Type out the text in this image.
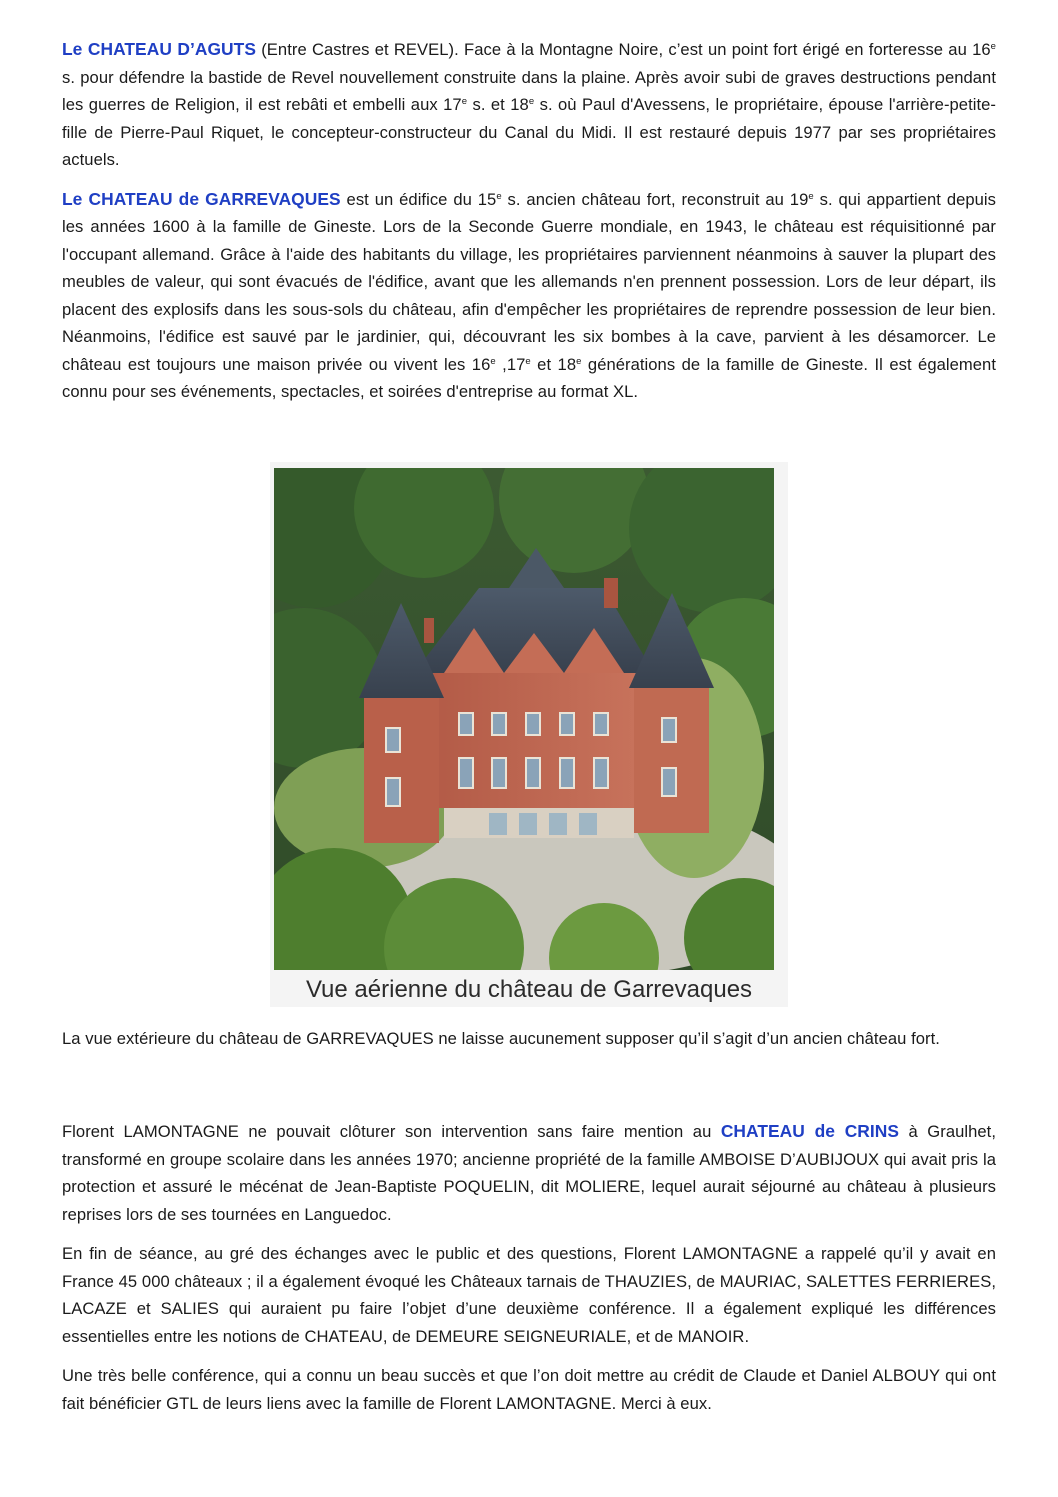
Le CHATEAU D’AGUTS (Entre Castres et REVEL). Face à la Montagne Noire, c’est un point fort érigé en forteresse au 16e s. pour défendre la bastide de Revel nouvellement construite dans la plaine. Après avoir subi de graves destructions pendant les guerres de Religion, il est rebâti et embelli aux 17e s. et 18e s. où Paul d'Avessens, le propriétaire, épouse l'arrière-petite-fille de Pierre-Paul Riquet, le concepteur-constructeur du Canal du Midi. Il est restauré depuis 1977 par ses propriétaires actuels.

Le CHATEAU de GARREVAQUES est un édifice du 15e s. ancien château fort, reconstruit au 19e s. qui appartient depuis les années 1600 à la famille de Gineste. Lors de la Seconde Guerre mondiale, en 1943, le château est réquisitionné par l'occupant allemand. Grâce à l'aide des habitants du village, les propriétaires parviennent néanmoins à sauver la plupart des meubles de valeur, qui sont évacués de l'édifice, avant que les allemands n'en prennent possession. Lors de leur départ, ils placent des explosifs dans les sous-sols du château, afin d'empêcher les propriétaires de reprendre possession de leur bien. Néanmoins, l'édifice est sauvé par le jardinier, qui, découvrant les six bombes à la cave, parvient à les désamorcer. Le château est toujours une maison privée ou vivent les 16e ,17e et 18e générations de la famille de Gineste. Il est également connu pour ses événements, spectacles, et soirées d'entreprise au format XL.

Vue aérienne du château de Garrevaques

La vue extérieure du château de GARREVAQUES ne laisse aucunement supposer qu’il s’agit d’un ancien château fort.

Florent LAMONTAGNE ne pouvait clôturer son intervention sans faire mention au CHATEAU de CRINS à Graulhet, transformé en groupe scolaire dans les années 1970; ancienne propriété de la famille AMBOISE D’AUBIJOUX qui avait pris la protection et assuré le mécénat de Jean-Baptiste POQUELIN, dit MOLIERE, lequel aurait séjourné au château à plusieurs reprises lors de ses tournées en Languedoc.

En fin de séance, au gré des échanges avec le public et des questions, Florent LAMONTAGNE a rappelé qu’il y avait en France 45 000 châteaux ; il a également évoqué les Châteaux tarnais de THAUZIES, de MAURIAC, SALETTES FERRIERES, LACAZE et SALIES qui auraient pu faire l’objet d’une deuxième conférence. Il a également expliqué les différences essentielles entre les notions de CHATEAU, de DEMEURE SEIGNEURIALE, et de MANOIR.

Une très belle conférence, qui a connu un beau succès et que l’on doit mettre au crédit de Claude et Daniel ALBOUY qui ont fait bénéficier GTL de leurs liens avec la famille de Florent LAMONTAGNE. Merci à eux.
